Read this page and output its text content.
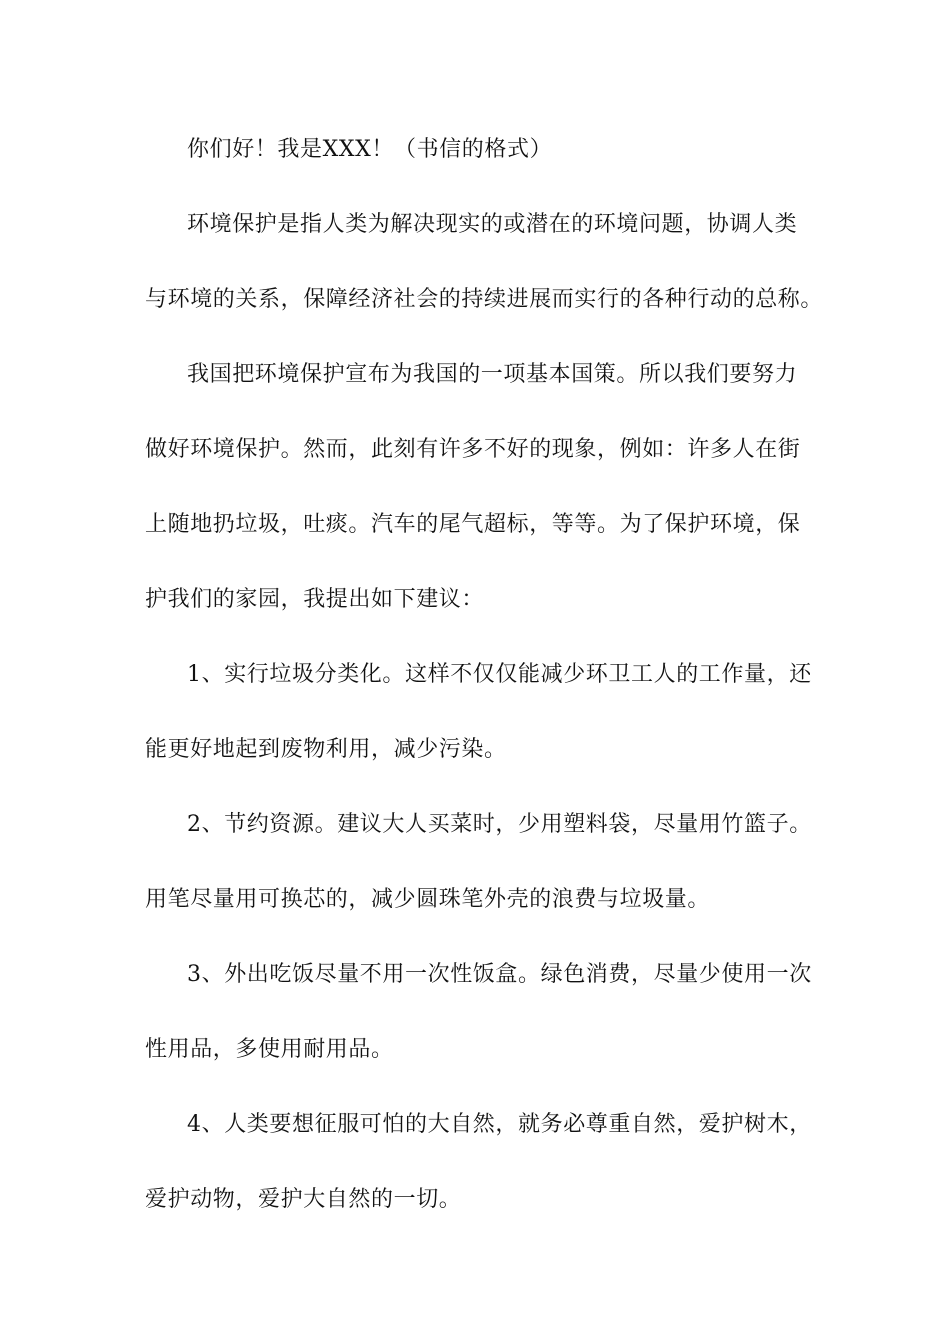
你们好！我是XXX！（书信的格式）
环境保护是指人类为解决现实的或潜在的环境问题，协调人类
与环境的关系，保障经济社会的持续进展而实行的各种行动的总称。
我国把环境保护宣布为我国的一项基本国策。所以我们要努力
做好环境保护。然而，此刻有许多不好的现象，例如：许多人在街
上随地扔垃圾，吐痰。汽车的尾气超标，等等。为了保护环境，保
护我们的家园，我提出如下建议：
1、实行垃圾分类化。这样不仅仅能减少环卫工人的工作量，还
能更好地起到废物利用，减少污染。
2、节约资源。建议大人买菜时，少用塑料袋，尽量用竹篮子。
用笔尽量用可换芯的，减少圆珠笔外壳的浪费与垃圾量。
3、外出吃饭尽量不用一次性饭盒。绿色消费，尽量少使用一次
性用品，多使用耐用品。
4、人类要想征服可怕的大自然，就务必尊重自然，爱护树木，
爱护动物，爱护大自然的一切。
